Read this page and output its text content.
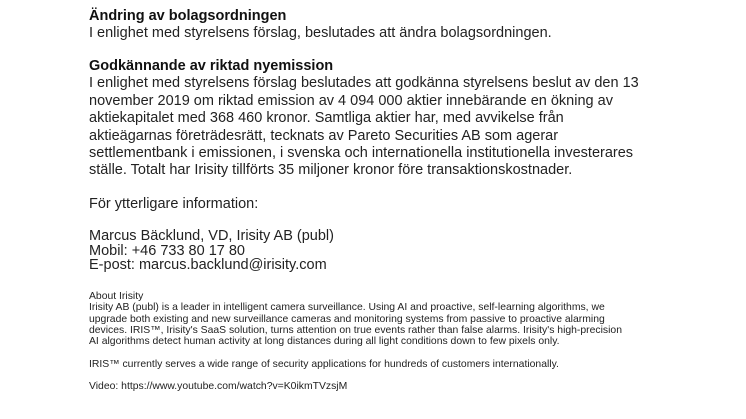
Ändring av bolagsordningen

I enlighet med styrelsens förslag, beslutades att ändra bolagsordningen.

Godkännande av riktad nyemission

I enlighet med styrelsens förslag beslutades att godkänna styrelsens beslut av den 13
november 2019 om riktad emission av 4 094 000 aktier innebärande en ökning av
aktiekapitalet med 368 460 kronor. Samtliga aktier har, med avvikelse från
aktieägarnas företrädesrätt, tecknats av Pareto Securities AB som agerar
settlementbank i emissionen, i svenska och internationella institutionella investerares
ställe. Totalt har Irisity tillförts 35 miljoner kronor före transaktionskostnader.

För ytterligare information:

Marcus Bäcklund, VD, Irisity AB (publ)
Mobil: +46 733 80 17 80
E-post: marcus.backlund@irisity.com
About Irisity
Irisity AB (publ) is a leader in intelligent camera surveillance. Using AI and proactive, self-learning algorithms, we
upgrade both existing and new surveillance cameras and monitoring systems from passive to proactive alarming
devices. IRIS™, Irisity's SaaS solution, turns attention on true events rather than false alarms. Irisity's high-precision
AI algorithms detect human activity at long distances during all light conditions down to few pixels only.
IRIS™ currently serves a wide range of security applications for hundreds of customers internationally.
Video: https://www.youtube.com/watch?v=K0ikmTVzsjM
